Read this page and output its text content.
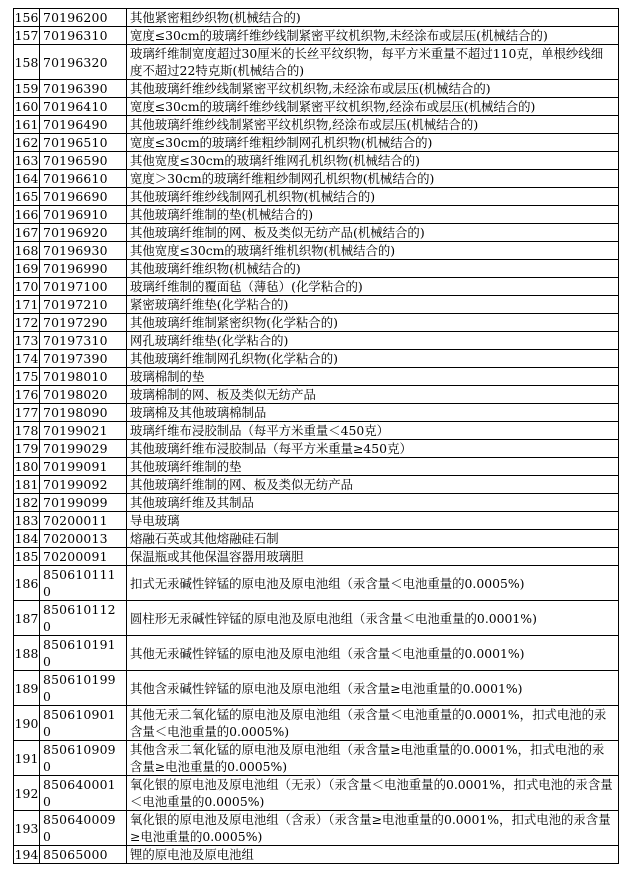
156	70196200	其他紧密粗纱织物(机械结合的)
157	70196310	宽度≤30cm的玻璃纤维纱线制紧密平纹机织物,未经涂布或层压(机械结合的)
158	70196320	玻璃纤维制宽度超过30厘米的长丝平纹织物，每平方米重量不超过110克，单根纱线细度不超过22特克斯(机械结合的)
159	70196390	其他玻璃纤维纱线制紧密平纹机织物,未经涂布或层压(机械结合的)
160	70196410	宽度≤30cm的玻璃纤维纱线制紧密平纹机织物,经涂布或层压(机械结合的)
161	70196490	其他玻璃纤维纱线制紧密平纹机织物,经涂布或层压(机械结合的)
162	70196510	宽度≤30cm的玻璃纤维粗纱制网孔机织物(机械结合的)
163	70196590	其他宽度≤30cm的玻璃纤维网孔机织物(机械结合的)
164	70196610	宽度＞30cm的玻璃纤维粗纱制网孔机织物(机械结合的)
165	70196690	其他玻璃纤维纱线制网孔机织物(机械结合的)
166	70196910	其他玻璃纤维制的垫(机械结合的)
167	70196920	其他玻璃纤维制的网、板及类似无纺产品(机械结合的)
168	70196930	其他宽度≤30cm的玻璃纤维机织物(机械结合的)
169	70196990	其他玻璃纤维织物(机械结合的)
170	70197100	玻璃纤维制的覆面毡（薄毡）(化学粘合的)
171	70197210	紧密玻璃纤维垫(化学粘合的)
172	70197290	其他玻璃纤维制紧密织物(化学粘合的)
173	70197310	网孔玻璃纤维垫(化学粘合的)
174	70197390	其他玻璃纤维制网孔织物(化学粘合的)
175	70198010	玻璃棉制的垫
176	70198020	玻璃棉制的网、板及类似无纺产品
177	70198090	玻璃棉及其他玻璃棉制品
178	70199021	玻璃纤维布浸胶制品（每平方米重量＜450克）
179	70199029	其他玻璃纤维布浸胶制品（每平方米重量≥450克）
180	70199091	其他玻璃纤维制的垫
181	70199092	其他玻璃纤维制的网、板及类似无纺产品
182	70199099	其他玻璃纤维及其制品
183	70200011	导电玻璃
184	70200013	熔融石英或其他熔融硅石制
185	70200091	保温瓶或其他保温容器用玻璃胆
186	8506101110	扣式无汞碱性锌锰的原电池及原电池组（汞含量＜电池重量的0.0005%)
187	8506101120	圆柱形无汞碱性锌锰的原电池及原电池组（汞含量＜电池重量的0.0001%)
188	8506101910	其他无汞碱性锌锰的原电池及原电池组（汞含量＜电池重量的0.0001%)
189	8506101990	其他含汞碱性锌锰的原电池及原电池组（汞含量≥电池重量的0.0001%)
190	8506109010	其他无汞二氧化锰的原电池及原电池组（汞含量＜电池重量的0.0001%，扣式电池的汞含量＜电池重量的0.0005%)
191	8506109090	其他含汞二氧化锰的原电池及原电池组（汞含量≥电池重量的0.0001%，扣式电池的汞含量≥电池重量的0.0005%)
192	8506400010	氧化银的原电池及原电池组（无汞）（汞含量＜电池重量的0.0001%，扣式电池的汞含量＜电池重量的0.0005%)
193	8506400090	氧化银的原电池及原电池组（含汞）（汞含量≥电池重量的0.0001%，扣式电池的汞含量≥电池重量的0.0005%)
194	85065000	锂的原电池及原电池组
